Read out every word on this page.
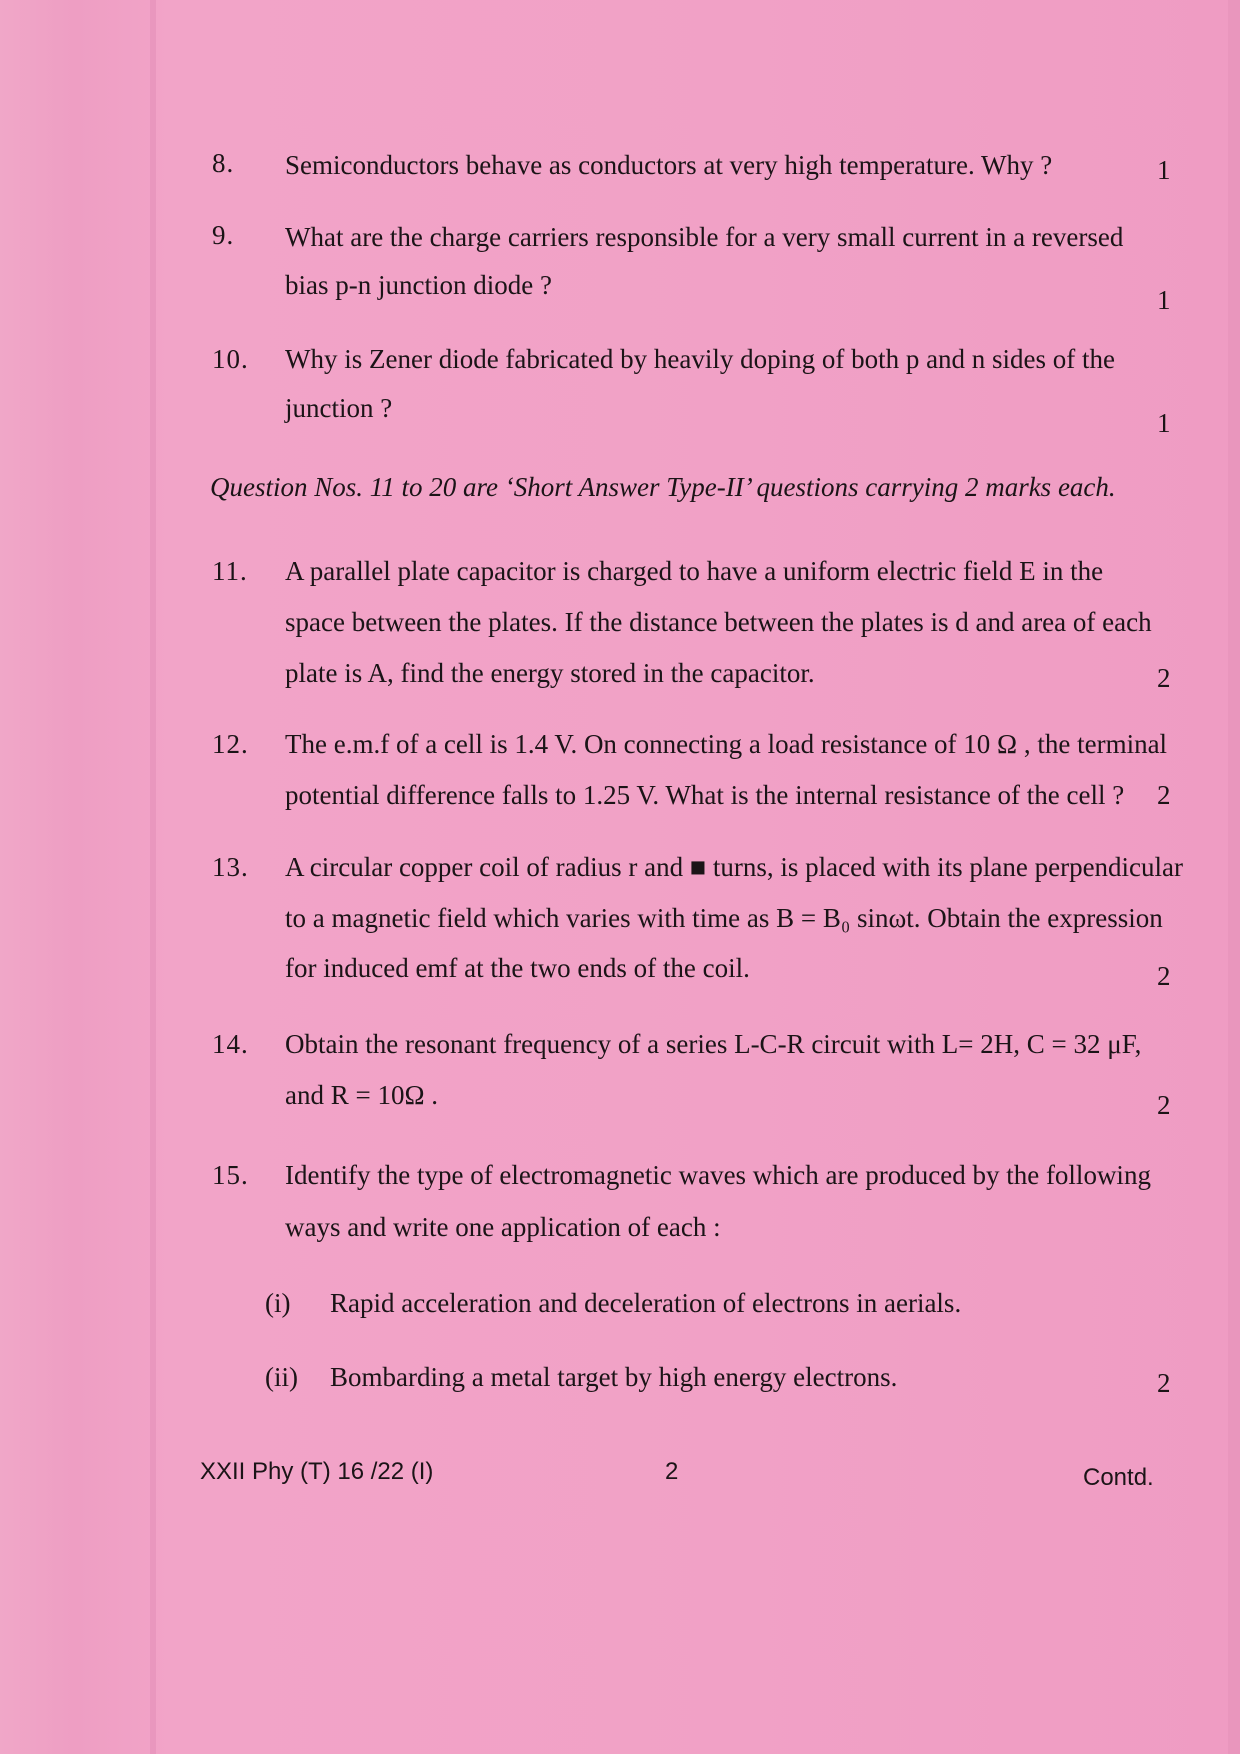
8. Semiconductors behave as conductors at very high temperature. Why ?	1
9. What are the charge carriers responsible for a very small current in a reversed
bias p-n junction diode ?	1
10. Why is Zener diode fabricated by heavily doping of both p and n sides of the
junction ?	1
Question Nos. 11 to 20 are ‘Short Answer Type-II’ questions carrying 2 marks each.
11. A parallel plate capacitor is charged to have a uniform electric field E in the
space between the plates. If the distance between the plates is d and area of each
plate is A, find the energy stored in the capacitor.	2
12. The e.m.f of a cell is 1.4 V. On connecting a load resistance of 10 Ω , the terminal
potential difference falls to 1.25 V. What is the internal resistance of the cell ? 2
13. A circular copper coil of radius r and ■ turns, is placed with its plane perpendicular
to a magnetic field which varies with time as B = B₀ sinωt. Obtain the expression
for induced emf at the two ends of the coil.	2
14. Obtain the resonant frequency of a series L-C-R circuit with L= 2H, C = 32 μF,
and R = 10Ω .	2
15. Identify the type of electromagnetic waves which are produced by the following
ways and write one application of each :
(i) Rapid acceleration and deceleration of electrons in aerials.
(ii) Bombarding a metal target by high energy electrons.	2
XXII Phy (T) 16 /22 (I)	2	Contd.
